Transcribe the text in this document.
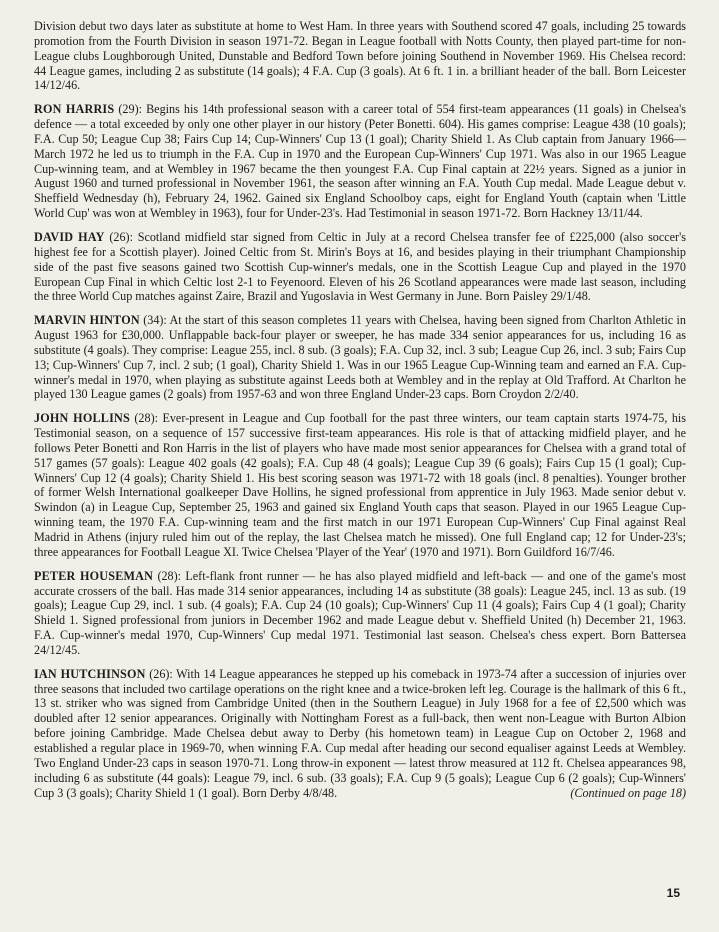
Division debut two days later as substitute at home to West Ham. In three years with Southend scored 47 goals, including 25 towards promotion from the Fourth Division in season 1971-72. Began in League football with Notts County, then played part-time for non-League clubs Loughborough United, Dunstable and Bedford Town before joining Southend in November 1969. His Chelsea record: 44 League games, including 2 as substitute (14 goals); 4 F.A. Cup (3 goals). At 6 ft. 1 in. a brilliant header of the ball. Born Leicester 14/12/46.

RON HARRIS (29): Begins his 14th professional season with a career total of 554 first-team appearances (11 goals) in Chelsea's defence — a total exceeded by only one other player in our history (Peter Bonetti. 604). His games comprise: League 438 (10 goals); F.A. Cup 50; League Cup 38; Fairs Cup 14; Cup-Winners' Cup 13 (1 goal); Charity Shield 1. As Club captain from January 1966—March 1972 he led us to triumph in the F.A. Cup in 1970 and the European Cup-Winners' Cup 1971. Was also in our 1965 League Cup-winning team, and at Wembley in 1967 became the then youngest F.A. Cup Final captain at 22½ years. Signed as a junior in August 1960 and turned professional in November 1961, the season after winning an F.A. Youth Cup medal. Made League debut v. Sheffield Wednesday (h), February 24, 1962. Gained six England Schoolboy caps, eight for England Youth (captain when 'Little World Cup' was won at Wembley in 1963), four for Under-23's. Had Testimonial in season 1971-72. Born Hackney 13/11/44.

DAVID HAY (26): Scotland midfield star signed from Celtic in July at a record Chelsea transfer fee of £225,000 (also soccer's highest fee for a Scottish player). Joined Celtic from St. Mirin's Boys at 16, and besides playing in their triumphant Championship side of the past five seasons gained two Scottish Cup-winner's medals, one in the Scottish League Cup and played in the 1970 European Cup Final in which Celtic lost 2-1 to Feyenoord. Eleven of his 26 Scotland appearances were made last season, including the three World Cup matches against Zaire, Brazil and Yugoslavia in West Germany in June. Born Paisley 29/1/48.

MARVIN HINTON (34): At the start of this season completes 11 years with Chelsea, having been signed from Charlton Athletic in August 1963 for £30,000. Unflappable back-four player or sweeper, he has made 334 senior appearances for us, including 16 as substitute (4 goals). They comprise: League 255, incl. 8 sub. (3 goals); F.A. Cup 32, incl. 3 sub; League Cup 26, incl. 3 sub; Fairs Cup 13; Cup-Winners' Cup 7, incl. 2 sub; (1 goal), Charity Shield 1. Was in our 1965 League Cup-Winning team and earned an F.A. Cup-winner's medal in 1970, when playing as substitute against Leeds both at Wembley and in the replay at Old Trafford. At Charlton he played 130 League games (2 goals) from 1957-63 and won three England Under-23 caps. Born Croydon 2/2/40.

JOHN HOLLINS (28): Ever-present in League and Cup football for the past three winters, our team captain starts 1974-75, his Testimonial season, on a sequence of 157 successive first-team appearances. His role is that of attacking midfield player, and he follows Peter Bonetti and Ron Harris in the list of players who have made most senior appearances for Chelsea with a grand total of 517 games (57 goals): League 402 goals (42 goals); F.A. Cup 48 (4 goals); League Cup 39 (6 goals); Fairs Cup 15 (1 goal); Cup-Winners' Cup 12 (4 goals); Charity Shield 1. His best scoring season was 1971-72 with 18 goals (incl. 8 penalties). Younger brother of former Welsh International goalkeeper Dave Hollins, he signed professional from apprentice in July 1963. Made senior debut v. Swindon (a) in League Cup, September 25, 1963 and gained six England Youth caps that season. Played in our 1965 League Cup-winning team, the 1970 F.A. Cup-winning team and the first match in our 1971 European Cup-Winners' Cup Final against Real Madrid in Athens (injury ruled him out of the replay, the last Chelsea match he missed). One full England cap; 12 for Under-23's; three appearances for Football League XI. Twice Chelsea 'Player of the Year' (1970 and 1971). Born Guildford 16/7/46.

PETER HOUSEMAN (28): Left-flank front runner — he has also played midfield and left-back — and one of the game's most accurate crossers of the ball. Has made 314 senior appearances, including 14 as substitute (38 goals): League 245, incl. 13 as sub. (19 goals); League Cup 29, incl. 1 sub. (4 goals); F.A. Cup 24 (10 goals); Cup-Winners' Cup 11 (4 goals); Fairs Cup 4 (1 goal); Charity Shield 1. Signed professional from juniors in December 1962 and made League debut v. Sheffield United (h) December 21, 1963. F.A. Cup-winner's medal 1970, Cup-Winners' Cup medal 1971. Testimonial last season. Chelsea's chess expert. Born Battersea 24/12/45.

IAN HUTCHINSON (26): With 14 League appearances he stepped up his comeback in 1973-74 after a succession of injuries over three seasons that included two cartilage operations on the right knee and a twice-broken left leg. Courage is the hallmark of this 6 ft., 13 st. striker who was signed from Cambridge United (then in the Southern League) in July 1968 for a fee of £2,500 which was doubled after 12 senior appearances. Originally with Nottingham Forest as a full-back, then went non-League with Burton Albion before joining Cambridge. Made Chelsea debut away to Derby (his hometown team) in League Cup on October 2, 1968 and established a regular place in 1969-70, when winning F.A. Cup medal after heading our second equaliser against Leeds at Wembley. Two England Under-23 caps in season 1970-71. Long throw-in exponent — latest throw measured at 112 ft. Chelsea appearances 98, including 6 as substitute (44 goals): League 79, incl. 6 sub. (33 goals); F.A. Cup 9 (5 goals); League Cup 6 (2 goals); Cup-Winners' Cup 3 (3 goals); Charity Shield 1 (1 goal). Born Derby 4/8/48.	(Continued on page 18)

15
